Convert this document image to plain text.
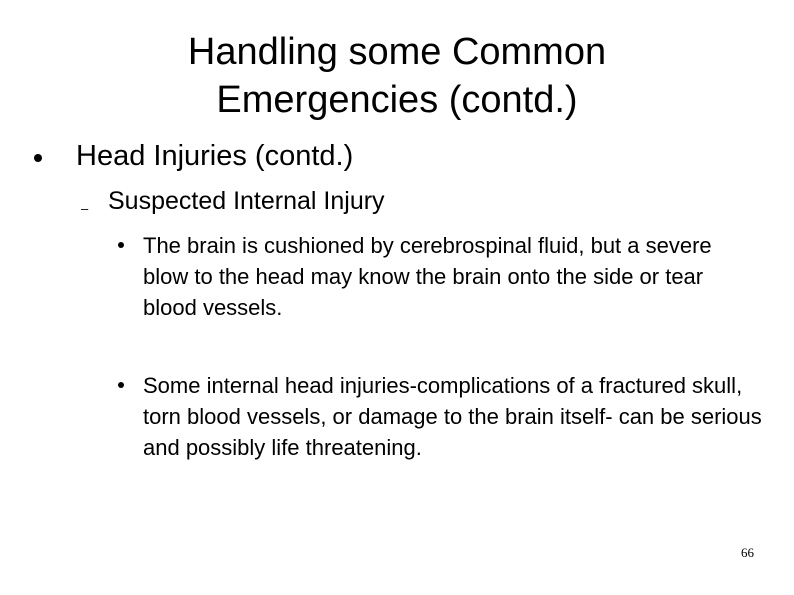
Handling some Common
Emergencies (contd.)
Head Injuries (contd.)
– Suspected Internal Injury
The brain is cushioned by cerebrospinal fluid, but a severe blow to the head may know the brain onto the side or tear blood vessels.
Some internal head injuries-complications of a fractured skull, torn blood vessels, or damage to the brain itself- can be serious and possibly life threatening.
66
